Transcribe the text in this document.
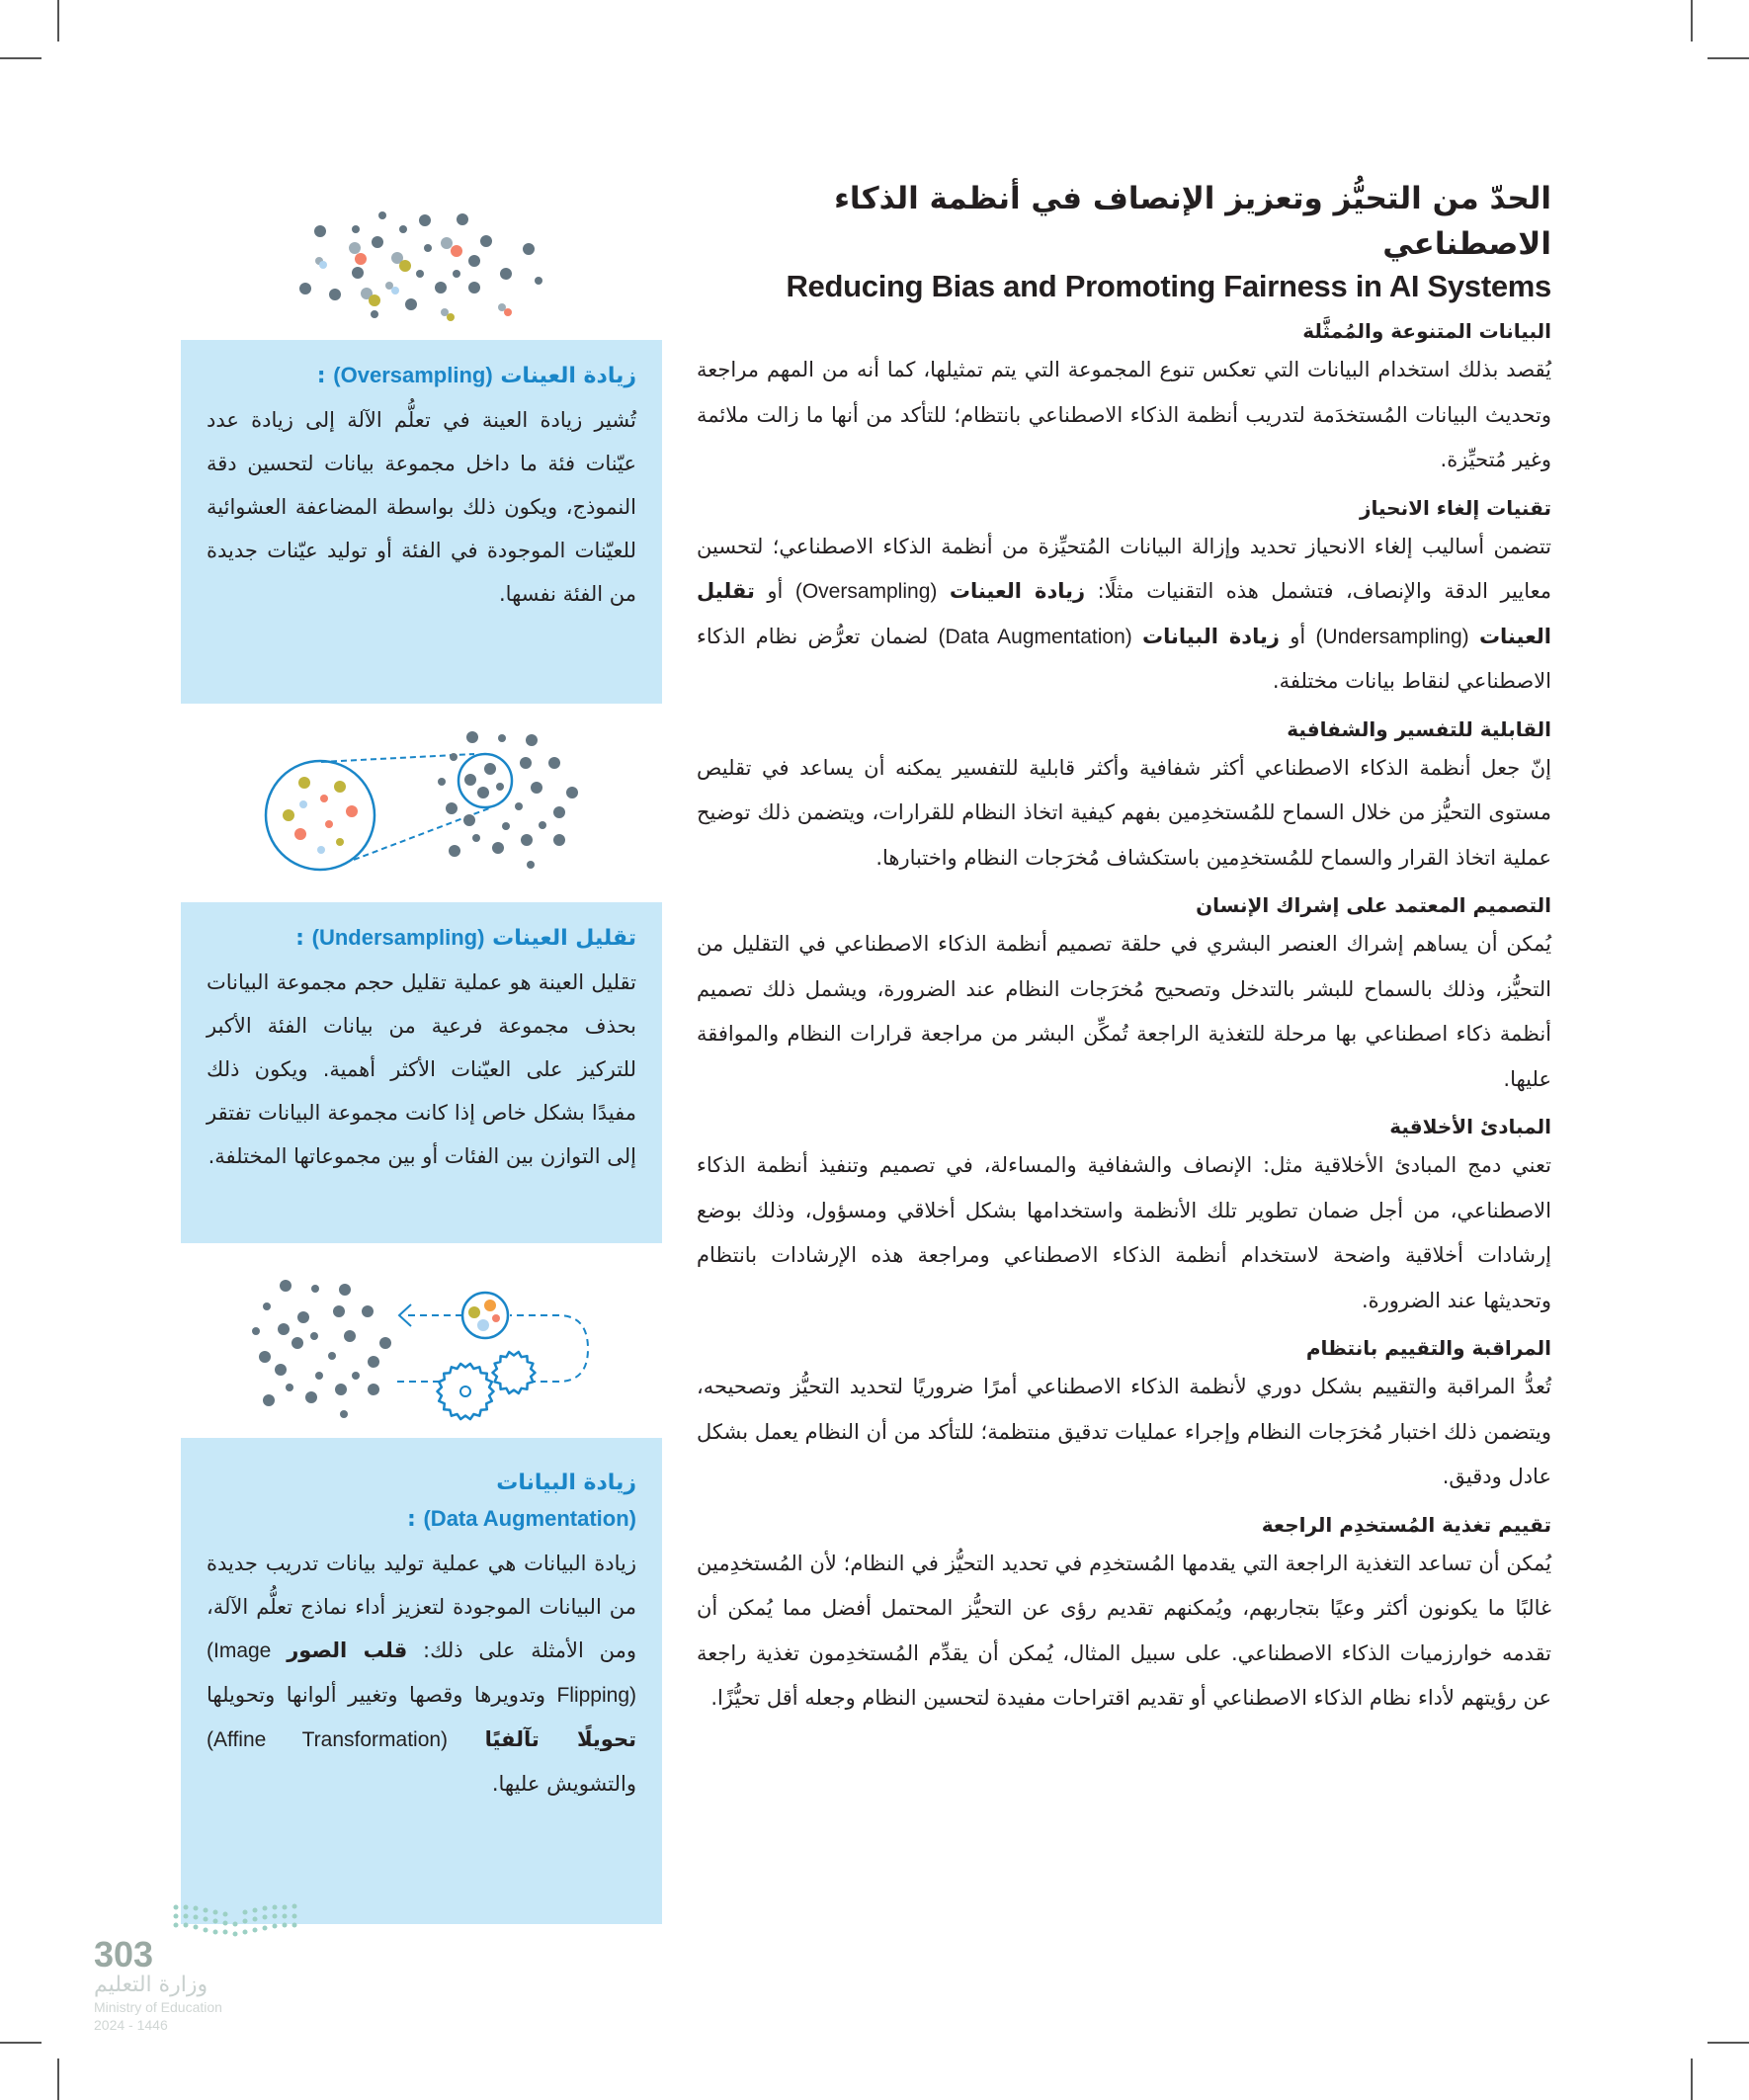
الحدّ من التحيُّز وتعزيز الإنصاف في أنظمة الذكاء الاصطناعي
Reducing Bias and Promoting Fairness in AI Systems
البيانات المتنوعة والمُمثَّلة

يُقصد بذلك استخدام البيانات التي تعكس تنوع المجموعة التي يتم تمثيلها، كما أنه من المهم مراجعة وتحديث البيانات المُستخدَمة لتدريب أنظمة الذكاء الاصطناعي بانتظام؛ للتأكد من أنها ما زالت ملائمة وغير مُتحيِّزة.

تقنيات إلغاء الانحياز

تتضمن أساليب إلغاء الانحياز تحديد وإزالة البيانات المُتحيِّزة من أنظمة الذكاء الاصطناعي؛ لتحسين معايير الدقة والإنصاف، فتشمل هذه التقنيات مثلًا: زيادة العينات (Oversampling) أو تقليل العينات (Undersampling) أو زيادة البيانات (Data Augmentation) لضمان تعرُّض نظام الذكاء الاصطناعي لنقاط بيانات مختلفة.

القابلية للتفسير والشفافية

إنّ جعل أنظمة الذكاء الاصطناعي أكثر شفافية وأكثر قابلية للتفسير يمكنه أن يساعد في تقليص مستوى التحيُّز من خلال السماح للمُستخدِمين بفهم كيفية اتخاذ النظام للقرارات، ويتضمن ذلك توضيح عملية اتخاذ القرار والسماح للمُستخدِمين باستكشاف مُخرَجات النظام واختبارها.

التصميم المعتمد على إشراك الإنسان

يُمكن أن يساهم إشراك العنصر البشري في حلقة تصميم أنظمة الذكاء الاصطناعي في التقليل من التحيُّز، وذلك بالسماح للبشر بالتدخل وتصحيح مُخرَجات النظام عند الضرورة، ويشمل ذلك تصميم أنظمة ذكاء اصطناعي بها مرحلة للتغذية الراجعة تُمكِّن البشر من مراجعة قرارات النظام والموافقة عليها.

المبادئ الأخلاقية

تعني دمج المبادئ الأخلاقية مثل: الإنصاف والشفافية والمساءلة، في تصميم وتنفيذ أنظمة الذكاء الاصطناعي، من أجل ضمان تطوير تلك الأنظمة واستخدامها بشكل أخلاقي ومسؤول، وذلك بوضع إرشادات أخلاقية واضحة لاستخدام أنظمة الذكاء الاصطناعي ومراجعة هذه الإرشادات بانتظام وتحديثها عند الضرورة.

المراقبة والتقييم بانتظام

تُعدُّ المراقبة والتقييم بشكل دوري لأنظمة الذكاء الاصطناعي أمرًا ضروريًا لتحديد التحيُّز وتصحيحه، ويتضمن ذلك اختبار مُخرَجات النظام وإجراء عمليات تدقيق منتظمة؛ للتأكد من أن النظام يعمل بشكل عادل ودقيق.

تقييم تغذية المُستخدِم الراجعة

يُمكن أن تساعد التغذية الراجعة التي يقدمها المُستخدِم في تحديد التحيُّز في النظام؛ لأن المُستخدِمين غالبًا ما يكونون أكثر وعيًا بتجاربهم، ويُمكنهم تقديم رؤى عن التحيُّز المحتمل أفضل مما يُمكن أن تقدمه خوارزميات الذكاء الاصطناعي. على سبيل المثال، يُمكن أن يقدِّم المُستخدِمون تغذية راجعة عن رؤيتهم لأداء نظام الذكاء الاصطناعي أو تقديم اقتراحات مفيدة لتحسين النظام وجعله أقل تحيُّزًا.

زيادة العينات (Oversampling) :

تُشير زيادة العينة في تعلُّم الآلة إلى زيادة عدد عيّنات فئة ما داخل مجموعة بيانات لتحسين دقة النموذج، ويكون ذلك بواسطة المضاعفة العشوائية للعيّنات الموجودة في الفئة أو توليد عيّنات جديدة من الفئة نفسها.

تقليل العينات (Undersampling) :

تقليل العينة هو عملية تقليل حجم مجموعة البيانات بحذف مجموعة فرعية من بيانات الفئة الأكبر للتركيز على العيّنات الأكثر أهمية. ويكون ذلك مفيدًا بشكل خاص إذا كانت مجموعة البيانات تفتقر إلى التوازن بين الفئات أو بين مجموعاتها المختلفة.

زيادة البيانات

(Data Augmentation) :

زيادة البيانات هي عملية توليد بيانات تدريب جديدة من البيانات الموجودة لتعزيز أداء نماذج تعلُّم الآلة، ومن الأمثلة على ذلك: قلب الصور (Image Flipping) وتدويرها وقصها وتغيير ألوانها وتحويلها تحويلًا تآلفيًا (Affine Transformation) والتشويش عليها.

303
وزارة التعليم
Ministry of Education
2024 - 1446
